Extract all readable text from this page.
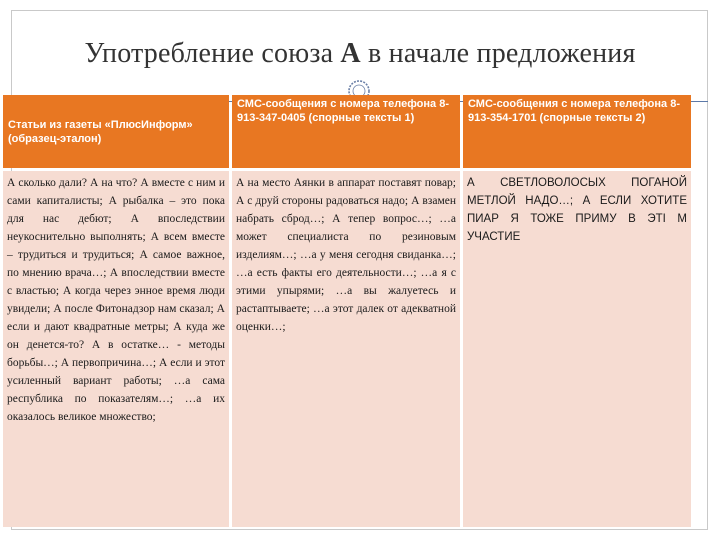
Употребление союза А в начале предложения
Статьи из газеты «ПлюсИнформ» (образец-эталон)
А сколько дали? А на что? А вместе с ним и сами капиталисты; А рыбалка – это пока для нас дебют; А впоследствии неукоснительно выполнять; А всем вместе – трудиться и трудиться; А самое важное, по мнению врача…; А впоследствии вместе с властью; А когда через энное время люди увидели; А после Фитонадзор нам сказал; А если и дают квадратные метры; А куда же он денется-то? А в остатке… - методы борьбы…; А первопричина…; А если и этот усиленный вариант работы; …а сама республика по показателям…; …а их оказалось великое множество;
СМС-сообщения с номера телефона 8-913-347-0405 (спорные тексты 1)
А на место Аянки в аппарат поставят повар; А с друй стороны радоваться надо; А взамен набрать сброд…; А тепер вопрос…; …а может специалиста по резиновым изделиям…; …а у меня сегодня свиданка…; …а есть факты его деятельности…; …а я с этими упырями; …а вы жалуетесь и растаптываете; …а этот далек от адекватной оценки…;
СМС-сообщения с номера телефона 8-913-354-1701 (спорные тексты 2)
А СВЕТЛОВОЛОСЫХ ПОГАНОЙ МЕТЛОЙ НАДО…; А ЕСЛИ ХОТИТЕ ПИАР Я ТОЖЕ ПРИМУ В ЭТІ М УЧАСТИЕ
